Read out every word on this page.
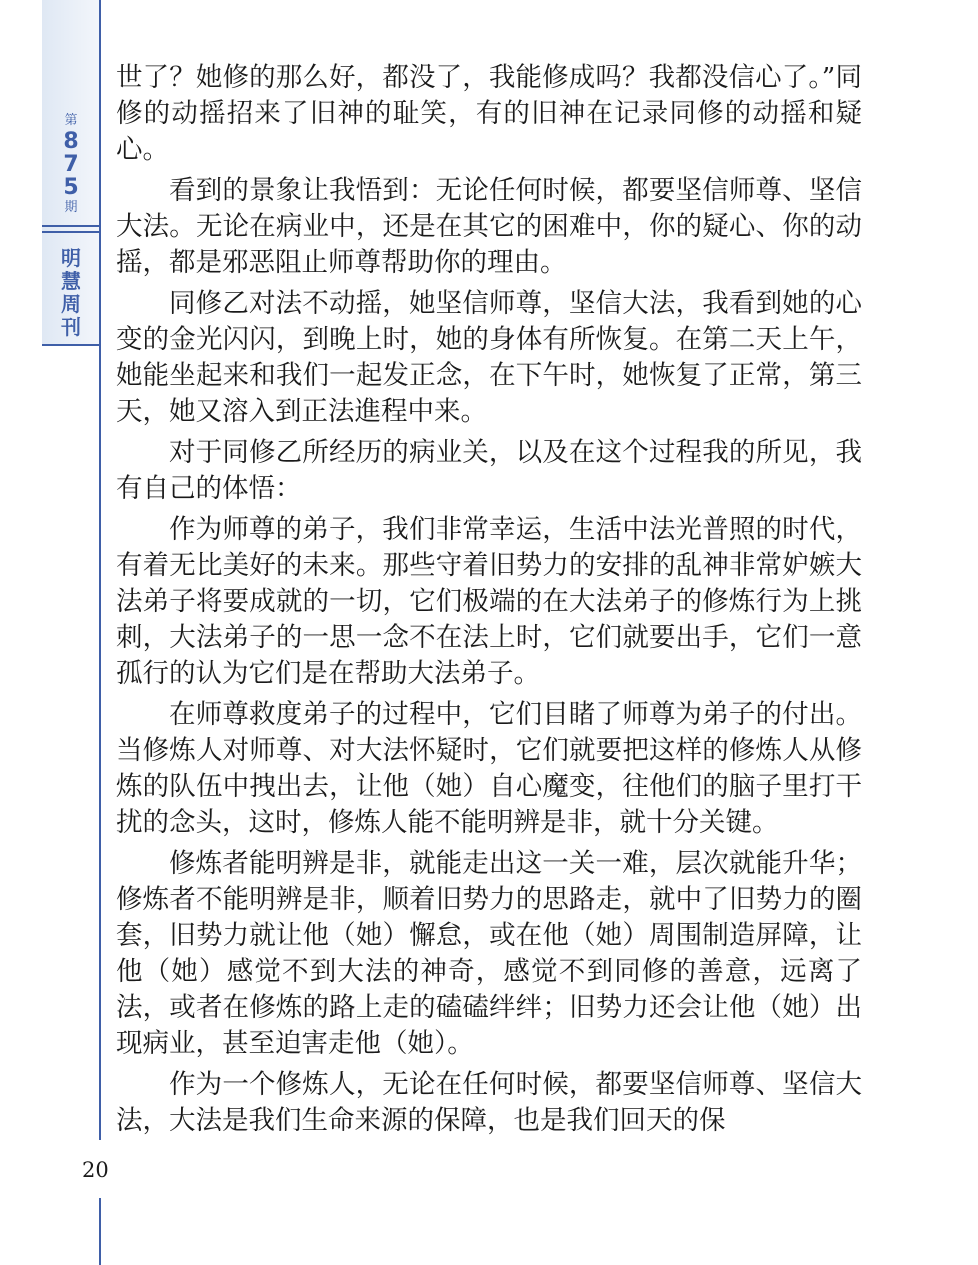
第
8
7
5
期
明
慧
周
刊

世了？她修的那么好，都没了，我能修成吗？我都没信心了。”同修的动摇招来了旧神的耻笑，有的旧神在记录同修的动摇和疑心。

看到的景象让我悟到：无论任何时候，都要坚信师尊、坚信大法。无论在病业中，还是在其它的困难中，你的疑心、你的动摇，都是邪恶阻止师尊帮助你的理由。

同修乙对法不动摇，她坚信师尊，坚信大法，我看到她的心变的金光闪闪，到晚上时，她的身体有所恢复。在第二天上午，她能坐起来和我们一起发正念，在下午时，她恢复了正常，第三天，她又溶入到正法進程中来。

对于同修乙所经历的病业关，以及在这个过程我的所见，我有自己的体悟：

作为师尊的弟子，我们非常幸运，生活中法光普照的时代，有着无比美好的未来。那些守着旧势力的安排的乱神非常妒嫉大法弟子将要成就的一切，它们极端的在大法弟子的修炼行为上挑刺，大法弟子的一思一念不在法上时，它们就要出手，它们一意孤行的认为它们是在帮助大法弟子。

在师尊救度弟子的过程中，它们目睹了师尊为弟子的付出。当修炼人对师尊、对大法怀疑时，它们就要把这样的修炼人从修炼的队伍中拽出去，让他（她）自心魔变，往他们的脑子里打干扰的念头，这时，修炼人能不能明辨是非，就十分关键。

修炼者能明辨是非，就能走出这一关一难，层次就能升华；修炼者不能明辨是非，顺着旧势力的思路走，就中了旧势力的圈套，旧势力就让他（她）懈怠，或在他（她）周围制造屏障，让他（她）感觉不到大法的神奇，感觉不到同修的善意，远离了法，或者在修炼的路上走的磕磕绊绊；旧势力还会让他（她）出现病业，甚至迫害走他（她）。

作为一个修炼人，无论在任何时候，都要坚信师尊、坚信大法，大法是我们生命来源的保障，也是我们回天的保

20
